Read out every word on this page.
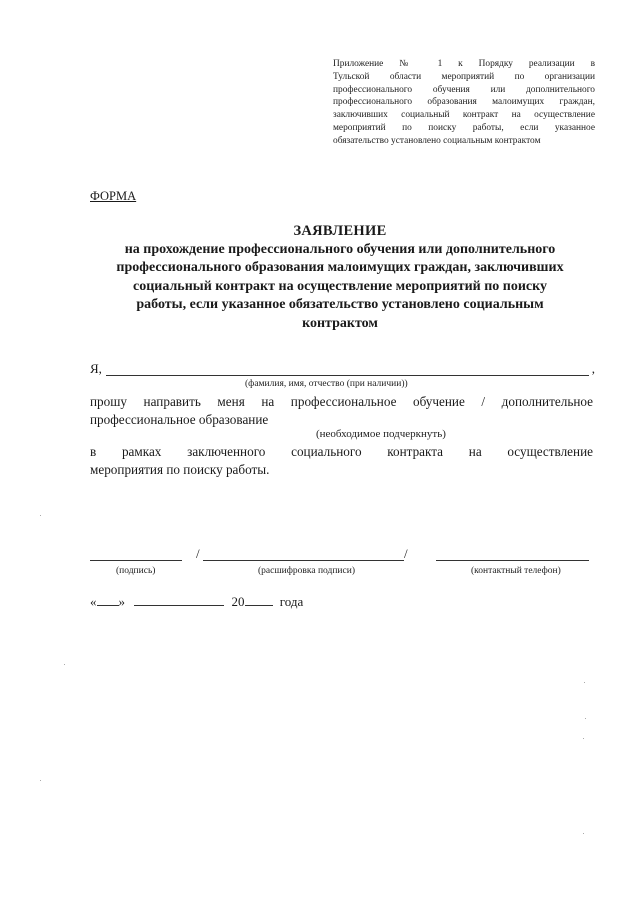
Приложение № 1 к Порядку реализации в
Тульской области мероприятий по организации
профессионального обучения или дополнительного
профессионального образования малоимущих граждан,
заключивших социальный контракт на осуществление
мероприятий по поиску работы, если указанное
обязательство установлено социальным контрактом
ФОРМА
ЗАЯВЛЕНИЕ
на прохождение профессионального обучения или дополнительного
профессионального образования малоимущих граждан, заключивших
социальный контракт на осуществление мероприятий по поиску
работы, если указанное обязательство установлено социальным
контрактом
Я,	,
(фамилия, имя, отчество (при наличии))
прошу направить меня на профессиональное обучение / дополнительное
профессиональное образование
(необходимое подчеркнуть)
в рамках заключенного социального контракта на осуществление
мероприятия по поиску работы.
/	/
(подпись)	(расшифровка подписи)	(контактный телефон)
« »	20	года
